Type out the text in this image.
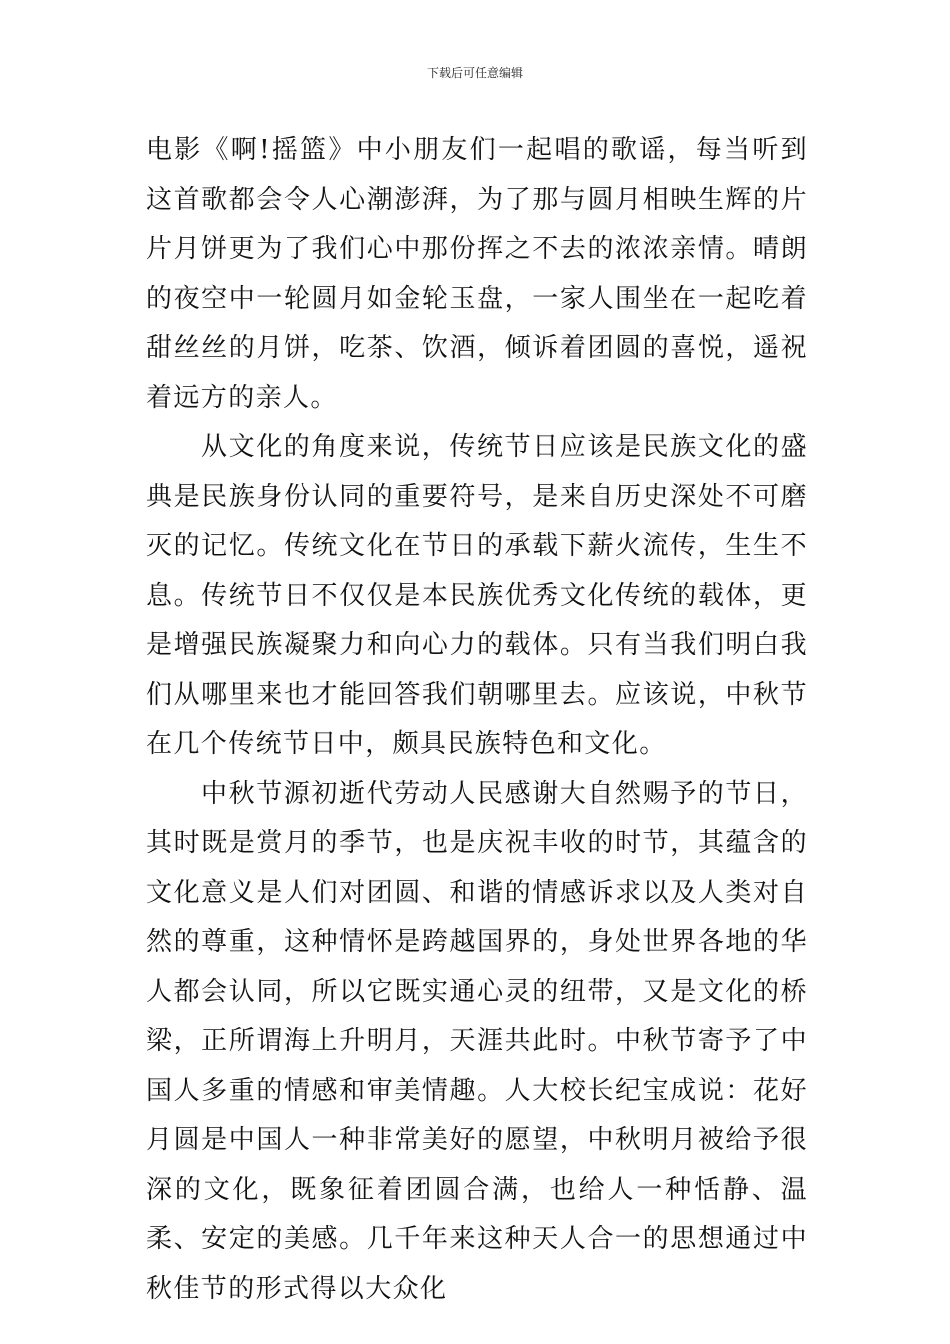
下载后可任意编辑

电影《啊!摇篮》中小朋友们一起唱的歌谣，每当听到这首歌都会令人心潮澎湃，为了那与圆月相映生辉的片片月饼更为了我们心中那份挥之不去的浓浓亲情。晴朗的夜空中一轮圆月如金轮玉盘，一家人围坐在一起吃着甜丝丝的月饼，吃茶、饮酒，倾诉着团圆的喜悦，遥祝着远方的亲人。

从文化的角度来说，传统节日应该是民族文化的盛典是民族身份认同的重要符号，是来自历史深处不可磨灭的记忆。传统文化在节日的承载下薪火流传，生生不息。传统节日不仅仅是本民族优秀文化传统的载体，更是增强民族凝聚力和向心力的载体。只有当我们明白我们从哪里来也才能回答我们朝哪里去。应该说，中秋节在几个传统节日中，颇具民族特色和文化。

中秋节源初逝代劳动人民感谢大自然赐予的节日，其时既是赏月的季节，也是庆祝丰收的时节，其蕴含的文化意义是人们对团圆、和谐的情感诉求以及人类对自然的尊重，这种情怀是跨越国界的，身处世界各地的华人都会认同，所以它既实通心灵的纽带，又是文化的桥梁，正所谓海上升明月，天涯共此时。中秋节寄予了中国人多重的情感和审美情趣。人大校长纪宝成说：花好月圆是中国人一种非常美好的愿望，中秋明月被给予很深的文化，既象征着团圆合满，也给人一种恬静、温柔、安定的美感。几千年来这种天人合一的思想通过中秋佳节的形式得以大众化
